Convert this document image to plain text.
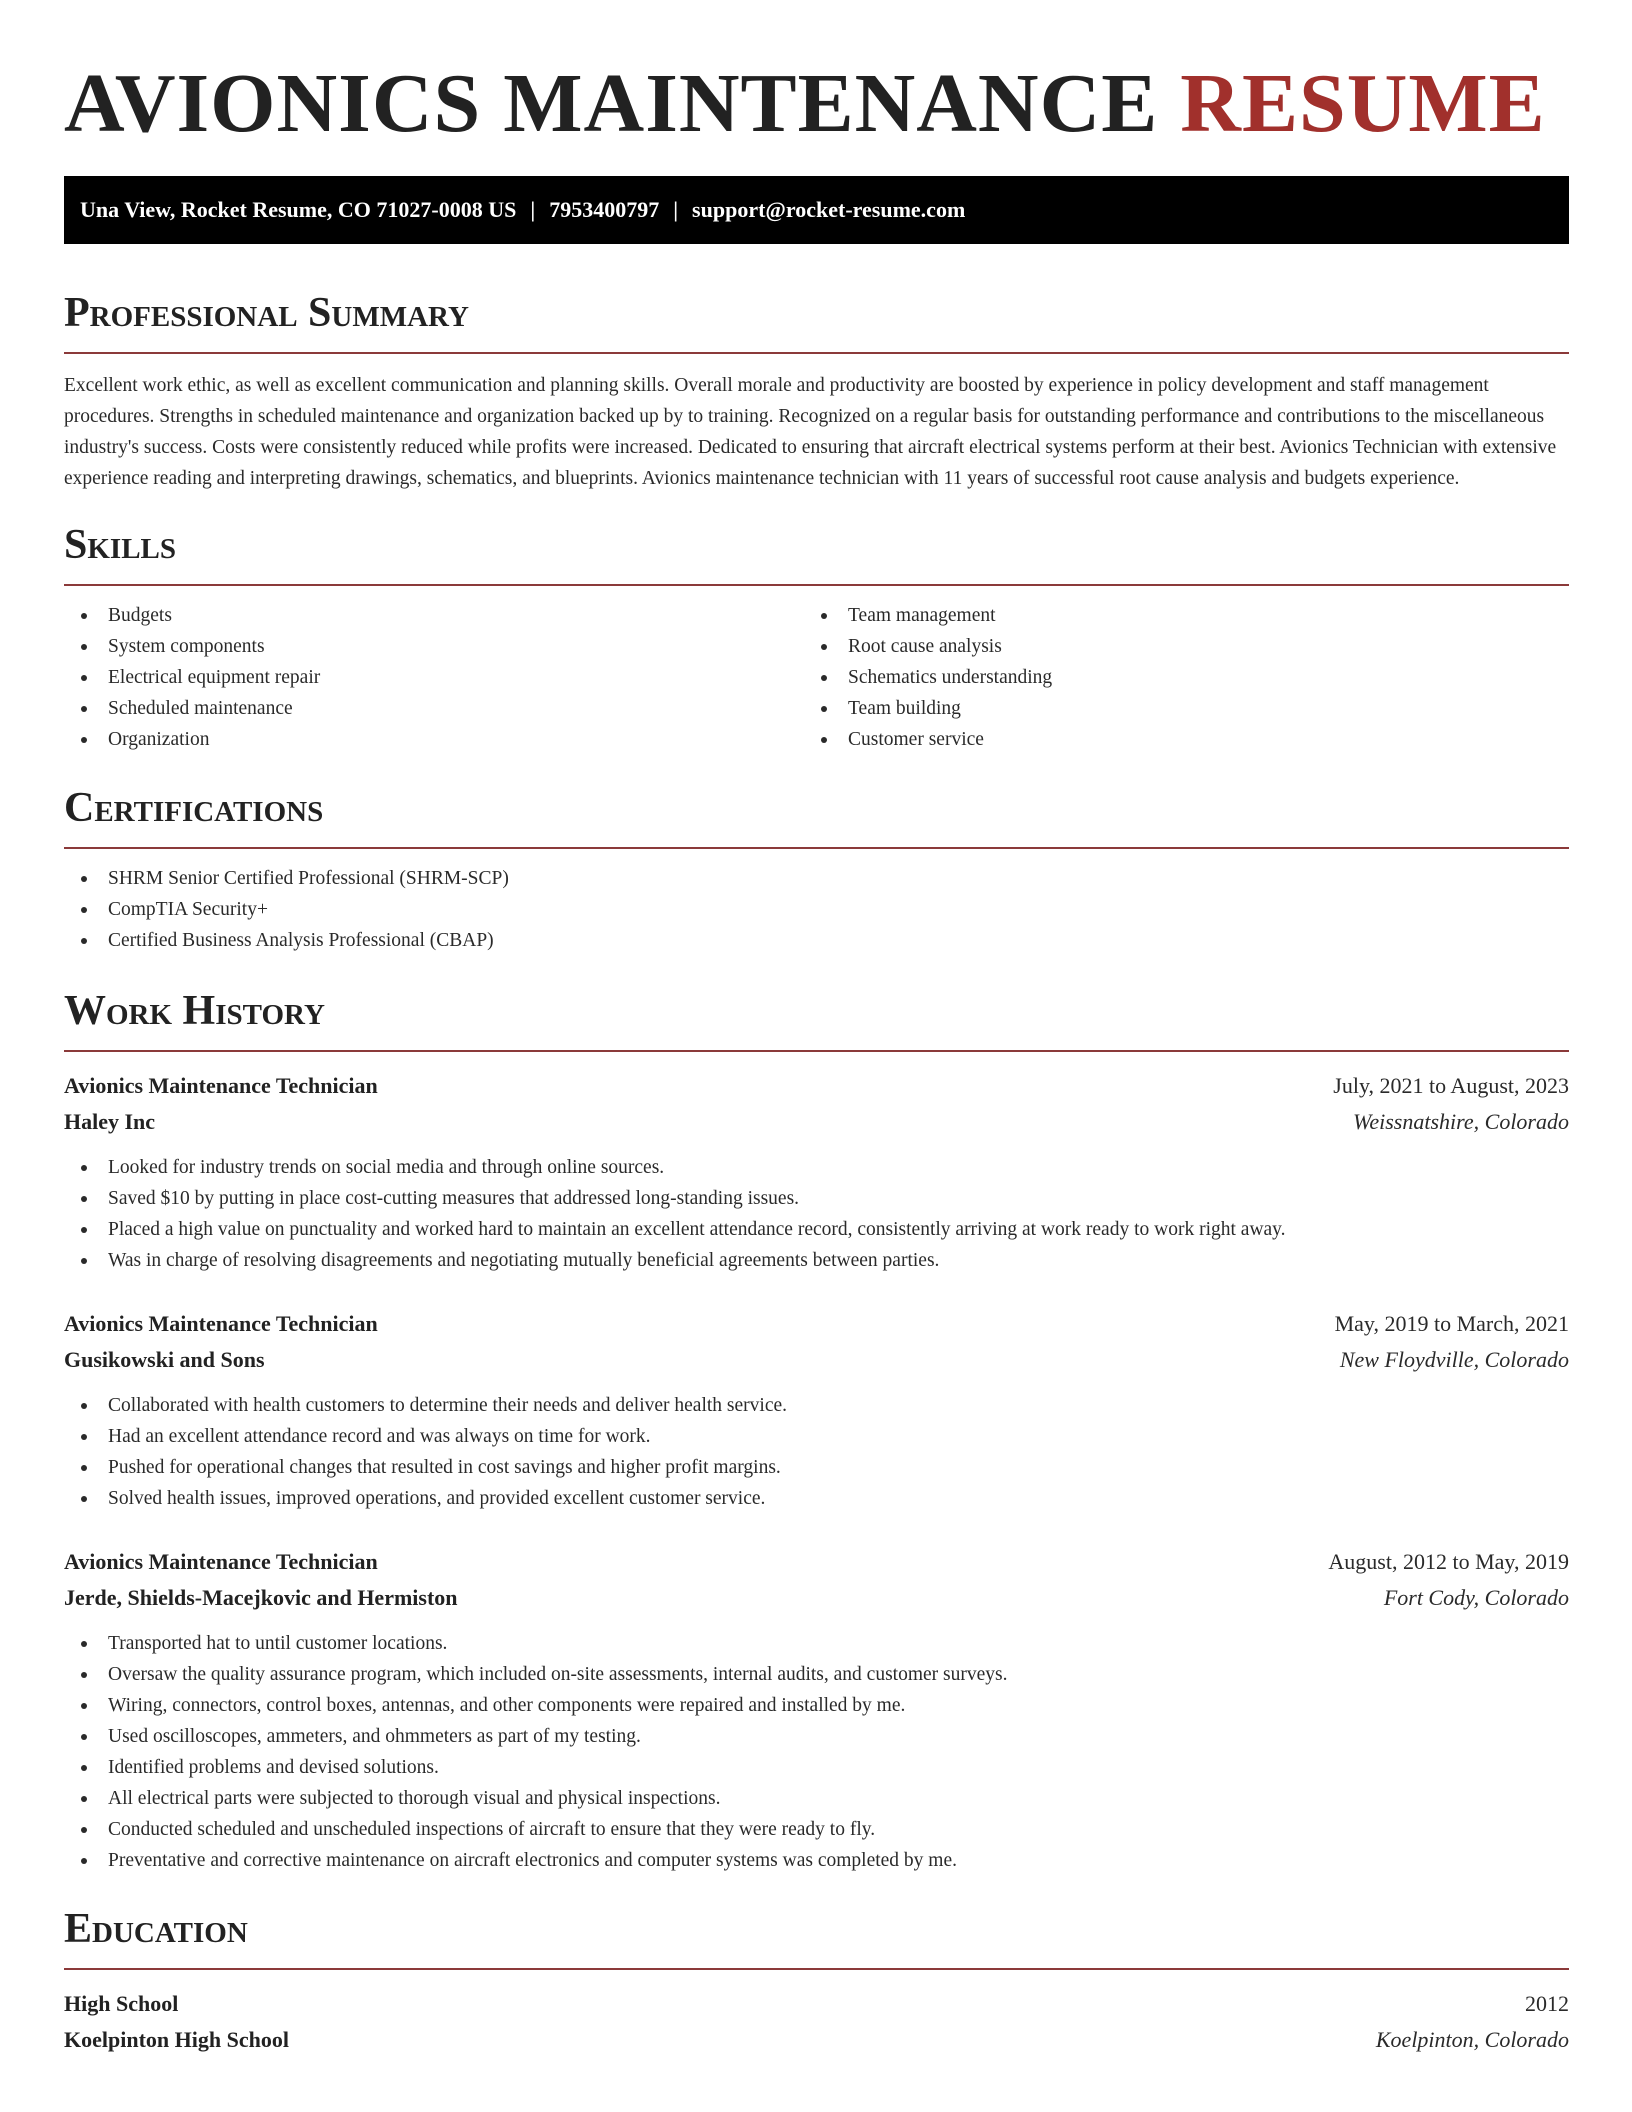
AVIONICS MAINTENANCE RESUME
Una View, Rocket Resume, CO 71027-0008 US | 7953400797 | support@rocket-resume.com
Professional Summary

Excellent work ethic, as well as excellent communication and planning skills. Overall morale and productivity are boosted by experience in policy development and staff management procedures. Strengths in scheduled maintenance and organization backed up by to training. Recognized on a regular basis for outstanding performance and contributions to the miscellaneous industry's success. Costs were consistently reduced while profits were increased. Dedicated to ensuring that aircraft electrical systems perform at their best. Avionics Technician with extensive experience reading and interpreting drawings, schematics, and blueprints. Avionics maintenance technician with 11 years of successful root cause analysis and budgets experience.

Skills
Budgets
System components
Electrical equipment repair
Scheduled maintenance
Organization
Team management
Root cause analysis
Schematics understanding
Team building
Customer service
Certifications
SHRM Senior Certified Professional (SHRM-SCP)
CompTIA Security+
Certified Business Analysis Professional (CBAP)
Work History
Avionics Maintenance Technician	July, 2021 to August, 2023
Haley Inc	Weissnatshire, Colorado
Looked for industry trends on social media and through online sources.
Saved $10 by putting in place cost-cutting measures that addressed long-standing issues.
Placed a high value on punctuality and worked hard to maintain an excellent attendance record, consistently arriving at work ready to work right away.
Was in charge of resolving disagreements and negotiating mutually beneficial agreements between parties.
Avionics Maintenance Technician	May, 2019 to March, 2021
Gusikowski and Sons	New Floydville, Colorado
Collaborated with health customers to determine their needs and deliver health service.
Had an excellent attendance record and was always on time for work.
Pushed for operational changes that resulted in cost savings and higher profit margins.
Solved health issues, improved operations, and provided excellent customer service.
Avionics Maintenance Technician	August, 2012 to May, 2019
Jerde, Shields-Macejkovic and Hermiston	Fort Cody, Colorado
Transported hat to until customer locations.
Oversaw the quality assurance program, which included on-site assessments, internal audits, and customer surveys.
Wiring, connectors, control boxes, antennas, and other components were repaired and installed by me.
Used oscilloscopes, ammeters, and ohmmeters as part of my testing.
Identified problems and devised solutions.
All electrical parts were subjected to thorough visual and physical inspections.
Conducted scheduled and unscheduled inspections of aircraft to ensure that they were ready to fly.
Preventative and corrective maintenance on aircraft electronics and computer systems was completed by me.
Education
High School	2012
Koelpinton High School	Koelpinton, Colorado
